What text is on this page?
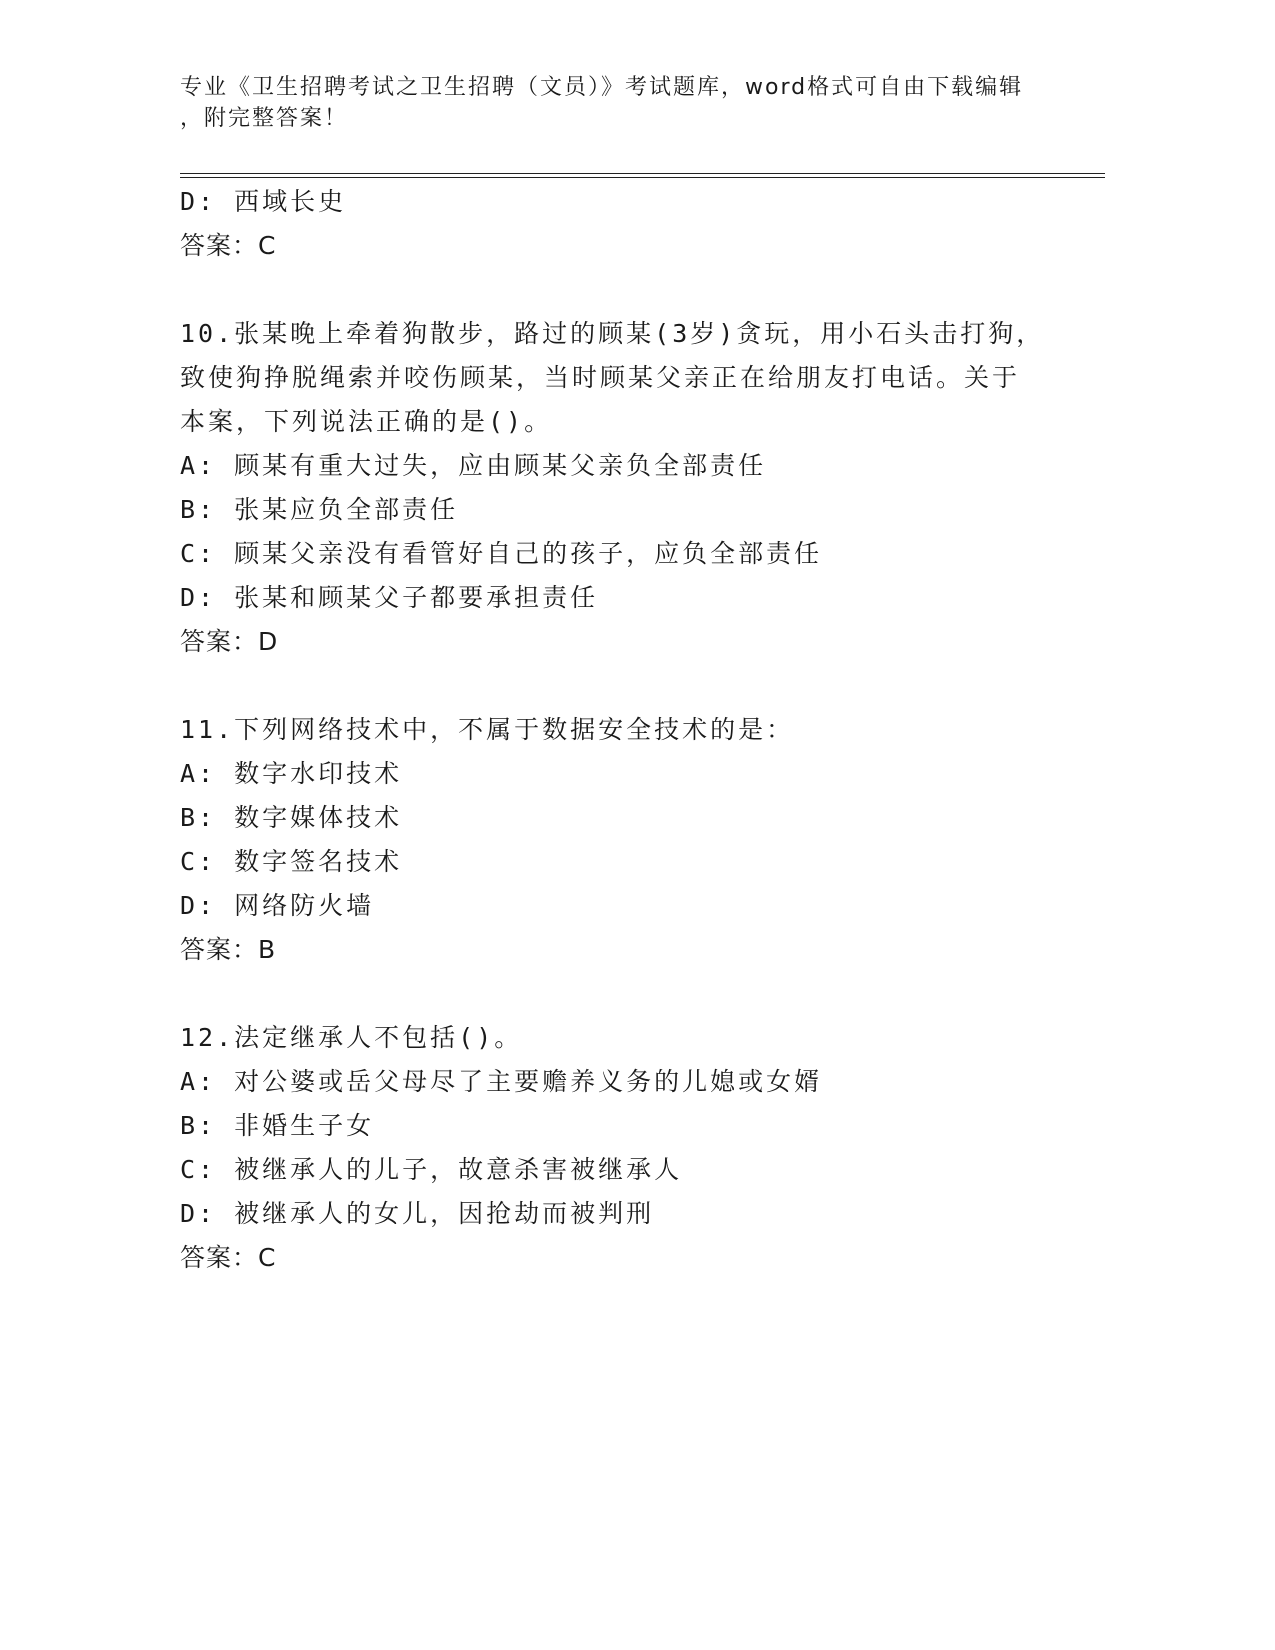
专业《卫生招聘考试之卫生招聘（文员）》考试题库，word格式可自由下载编辑
，附完整答案！
D: 西域长史
答案：C
10.张某晚上牵着狗散步，路过的顾某(3岁)贪玩，用小石头击打狗，
致使狗挣脱绳索并咬伤顾某，当时顾某父亲正在给朋友打电话。关于
本案，下列说法正确的是()。
A: 顾某有重大过失，应由顾某父亲负全部责任
B: 张某应负全部责任
C: 顾某父亲没有看管好自己的孩子，应负全部责任
D: 张某和顾某父子都要承担责任
答案：D
11.下列网络技术中，不属于数据安全技术的是：
A: 数字水印技术
B: 数字媒体技术
C: 数字签名技术
D: 网络防火墙
答案：B
12.法定继承人不包括()。
A: 对公婆或岳父母尽了主要赡养义务的儿媳或女婿
B: 非婚生子女
C: 被继承人的儿子，故意杀害被继承人
D: 被继承人的女儿，因抢劫而被判刑
答案：C
